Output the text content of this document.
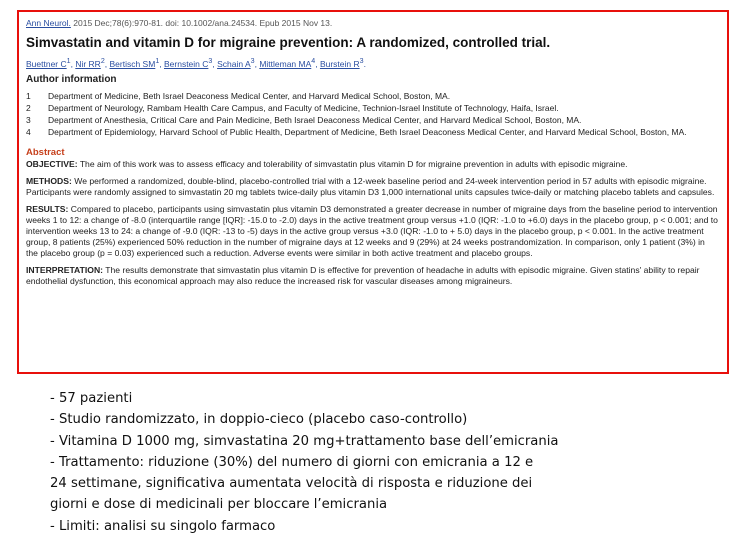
Ann Neurol. 2015 Dec;78(6):970-81. doi: 10.1002/ana.24534. Epub 2015 Nov 13.
Simvastatin and vitamin D for migraine prevention: A randomized, controlled trial.
Buettner $C^1$, Nir $RR^2$, Bertisch $SM^1$, Bernstein $C^3$, Schain $A^3$, Mittleman $MA^4$, Burstein $R^3$.
Author information
1	Department of Medicine, Beth Israel Deaconess Medical Center, and Harvard Medical School, Boston, MA.
2	Department of Neurology, Rambam Health Care Campus, and Faculty of Medicine, Technion-Israel Institute of Technology, Haifa, Israel.
3	Department of Anesthesia, Critical Care and Pain Medicine, Beth Israel Deaconess Medical Center, and Harvard Medical School, Boston, MA.
4	Department of Epidemiology, Harvard School of Public Health, Department of Medicine, Beth Israel Deaconess Medical Center, and Harvard Medical School, Boston, MA.
Abstract
OBJECTIVE: The aim of this work was to assess efficacy and tolerability of simvastatin plus vitamin D for migraine prevention in adults with episodic migraine.
METHODS: We performed a randomized, double-blind, placebo-controlled trial with a 12-week baseline period and 24-week intervention period in 57 adults with episodic migraine. Participants were randomly assigned to simvastatin 20 mg tablets twice-daily plus vitamin D3 1,000 international units capsules twice-daily or matching placebo tablets and capsules.
RESULTS: Compared to placebo, participants using simvastatin plus vitamin D3 demonstrated a greater decrease in number of migraine days from the baseline period to intervention weeks 1 to 12: a change of -8.0 (interquartile range [IQR]: -15.0 to -2.0) days in the active treatment group versus +1.0 (IQR: -1.0 to +6.0) days in the placebo group, p < 0.001; and to intervention weeks 13 to 24: a change of -9.0 (IQR: -13 to -5) days in the active group versus +3.0 (IQR: -1.0 to + 5.0) days in the placebo group, p < 0.001. In the active treatment group, 8 patients (25%) experienced 50% reduction in the number of migraine days at 12 weeks and 9 (29%) at 24 weeks postrandomization. In comparison, only 1 patient (3%) in the placebo group (p = 0.03) experienced such a reduction. Adverse events were similar in both active treatment and placebo groups.
INTERPRETATION: The results demonstrate that simvastatin plus vitamin D is effective for prevention of headache in adults with episodic migraine. Given statins' ability to repair endothelial dysfunction, this economical approach may also reduce the increased risk for vascular diseases among migraineurs.
- 57 pazienti
- Studio randomizzato, in doppio-cieco (placebo caso-controllo)
- Vitamina D 1000 mg, simvastatina 20 mg+trattamento base dell’emicrania
- Trattamento: riduzione (30%) del numero di giorni con emicrania a 12 e
24 settimane, significativa aumentata velocità di risposta e riduzione dei
giorni e dose di medicinali per bloccare l’emicrania
- Limiti: analisi su singolo farmaco
